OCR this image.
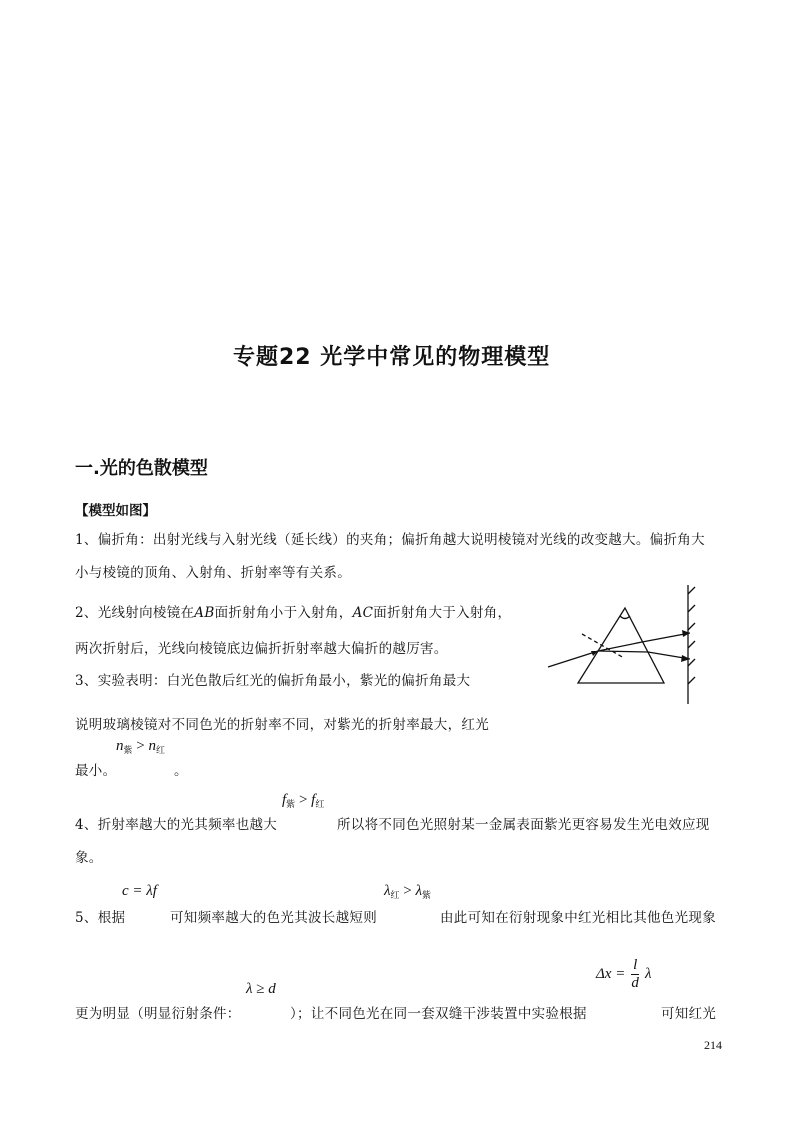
专题22 光学中常见的物理模型
一.光的色散模型
【模型如图】
1、偏折角：出射光线与入射光线（延长线）的夹角；偏折角越大说明棱镜对光线的改变越大。偏折角大
小与棱镜的顶角、入射角、折射率等有关系。
2、光线射向棱镜在AB面折射角小于入射角，AC面折射角大于入射角，
两次折射后，光线向棱镜底边偏折折射率越大偏折的越厉害。
3、实验表明：白光色散后红光的偏折角最小，紫光的偏折角最大
说明玻璃棱镜对不同色光的折射率不同，对紫光的折射率最大，红光
$n_紫 > n_红$
最小。	。
$f_紫 > f_红$
4、折射率越大的光其频率也越大	所以将不同色光照射某一金属表面紫光更容易发生光电效应现
象。
c = λf	$\lambda_红 > \lambda_紫$
5、根据	可知频率越大的色光其波长越短则	由此可知在衍射现象中红光相比其他色光现象
$\Delta x = \frac{l}{d}$ λ
λ ≥ d
更为明显（明显衍射条件：	）；让不同色光在同一套双缝干涉装置中实验根据	可知红光
214
